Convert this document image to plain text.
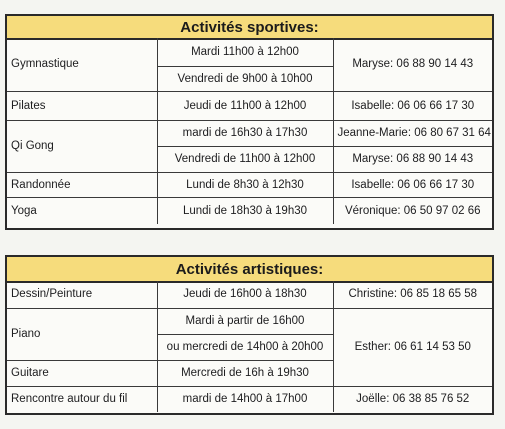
Activités sportives:
Gymnastique	Mardi 11h00 à 12h00	Maryse: 06 88 90 14 43
	Vendredi de 9h00 à 10h00	
Pilates	Jeudi de 11h00 à 12h00	Isabelle: 06 06 66 17 30
Qi Gong	mardi de 16h30 à 17h30	Jeanne-Marie: 06 80 67 31 64
	Vendredi de 11h00 à 12h00	Maryse: 06 88 90 14 43
Randonnée	Lundi de 8h30 à 12h30	Isabelle: 06 06 66 17 30
Yoga	Lundi de 18h30 à 19h30	Véronique: 06 50 97 02 66
Activités artistiques:
Dessin/Peinture	Jeudi de 16h00 à 18h30	Christine: 06 85 18 65 58
Piano	Mardi à partir de 16h00	Esther: 06 61 14 53 50
	ou mercredi de 14h00 à 20h00	
Guitare	Mercredi de 16h à 19h30	
Rencontre autour du fil	mardi de 14h00 à 17h00	Joëlle: 06 38 85 76 52
